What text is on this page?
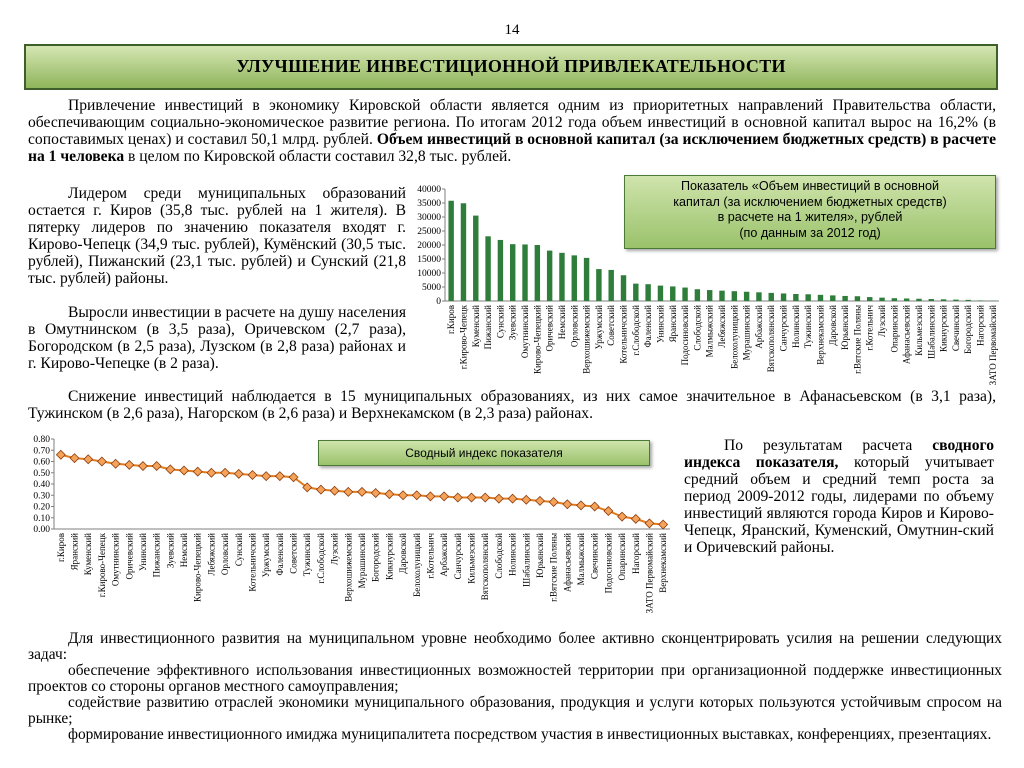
14
УЛУЧШЕНИЕ ИНВЕСТИЦИОННОЙ ПРИВЛЕКАТЕЛЬНОСТИ
Привлечение инвестиций в экономику Кировской области является одним из приоритетных направлений Правительства области, обеспечивающим социально-экономическое развитие региона. По итогам 2012 года объем инвестиций в основной капитал вырос на 16,2% (в сопоставимых ценах) и составил 50,1 млрд. рублей. Объем инвестиций в основной капитал (за исключением бюджетных средств) в расчете на 1 человека в целом по Кировской области составил 32,8 тыс. рублей.
Лидером среди муниципальных образований остается г. Киров (35,8 тыс. рублей на 1 жителя). В пятерку лидеров по значению показателя входят г. Кирово-Чепецк (34,9 тыс. рублей), Кумёнский (30,5 тыс. рублей), Пижанский (23,1 тыс. рублей) и Сунский (21,8 тыс. рублей) районы.
Выросли инвестиции в расчете на душу населения в Омутнинском (в 3,5 раза), Оричевском (2,7 раза), Богородском (в 2,5 раза), Лузском (в 2,8 раза) районах и г. Кирово-Чепецке (в 2 раза).
Показатель «Объем инвестиций в основной
капитал (за исключением бюджетных средств)
в расчете на 1 жителя», рублей
(по данным за 2012 год)
0
5000
10000
15000
20000
25000
30000
35000
40000
г.Киров г.Кирово-Чепецк Куменский Пижанский Сунский Зуевский Омутнинский Кирово-Чепецкий Оричевский Немский Орловский Верхошижемский Уржумский Советский Котельничский г.Слободской Фаленский Унинский Яранский Подосиновский Слободской Малмыжский Лебяжский Белохолуницкий Мурашинский Арбажский Вятскополянский Санчурский Нолинский Тужинский Верхнекамский Даровской Юрьянский г.Вятские Поляны г.Котельнич Лузский Опаринский Афанасьевский Кильмезский Шабалинский Кикнурский Свечинский Богородский Нагорский ЗАТО Первомайский
Снижение инвестиций наблюдается в 15 муниципальных образованиях, из них самое значительное в Афанасьевском (в 3,1 раза), Тужинском (в 2,6 раза), Нагорском (в 2,6 раза) и Верхнекамском (в 2,3 раза) районах.
0.00
0.10
0.20
0.30
0.40
0.50
0.60
0.70
0.80
г.Киров Яранский Куменский г.Кирово-Чепецк Омутнинский Оричевский Унинский Пижанский Зуевский Немский Кирово-Чепецкий Лебяжский Орловский Сунский Котельничский Уржумский Фаленский Советский Тужинский г.Слободской Лузский Верхошижемский Мурашинский Богородский Кикнурский Даровской Белохолуницкий г.Котельнич Арбажский Санчурский Кильмезский Вятскополянский Слободской Нолинский Шабалинский Юрьянский г.Вятские Поляны Афанасьевский Малмыжский Свечинский Подосиновский Опаринский Нагорский ЗАТО Первомайский Верхнекамский
Сводный индекс показателя	По результатам расчета сводного индекса показателя, который учитывает средний объем и средний темп роста за период 2009-2012 годы, лидерами по объему инвестиций являются города Киров и Кирово-Чепецк, Яранский, Куменский, Омутнин-ский и Оричевский районы.
Для инвестиционного развития на муниципальном уровне необходимо более активно сконцентрировать усилия на решении следующих задач:
обеспечение эффективного использования инвестиционных возможностей территории при организационной поддержке инвестиционных проектов со стороны органов местного самоуправления;
содействие развитию отраслей экономики муниципального образования, продукция и услуги которых пользуются устойчивым спросом на рынке;
формирование инвестиционного имиджа муниципалитета посредством участия в инвестиционных выставках, конференциях, презентациях.
